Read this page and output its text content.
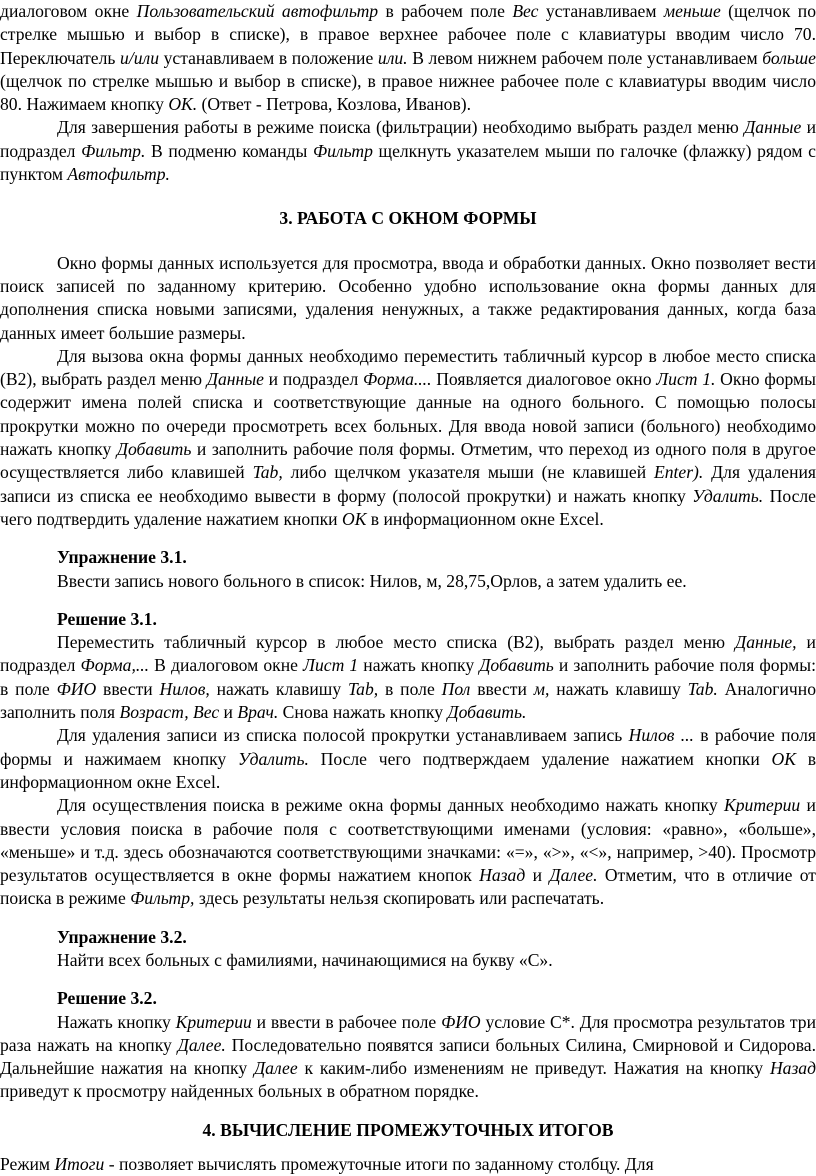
диалоговом окне Пользовательский автофильтр в рабочем поле Вес устанавливаем меньше (щелчок по стрелке мышью и выбор в списке), в правое верхнее рабочее поле с клавиатуры вводим число 70. Переключатель и/или устанавливаем в положение или. В левом нижнем рабочем поле устанавливаем больше (щелчок по стрелке мышью и выбор в списке), в правое нижнее рабочее поле с клавиатуры вводим число 80. Нажимаем кнопку ОК. (Ответ - Петрова, Козлова, Иванов).

Для завершения работы в режиме поиска (фильтрации) необходимо выбрать раздел меню Данные и подраздел Фильтр. В подменю команды Фильтр щелкнуть указателем мыши по галочке (флажку) рядом с пунктом Автофильтр.

3. РАБОТА С ОКНОМ ФОРМЫ

Окно формы данных используется для просмотра, ввода и обработки данных. Окно позволяет вести поиск записей по заданному критерию. Особенно удобно использование окна формы данных для дополнения списка новыми записями, удаления ненужных, а также редактирования данных, когда база данных имеет большие размеры.

Для вызова окна формы данных необходимо переместить табличный курсор в любое место списка (В2), выбрать раздел меню Данные и подраздел Форма.... Появляется диалоговое окно Лист 1. Окно формы содержит имена полей списка и соответствующие данные на одного больного. С помощью полосы прокрутки можно по очереди просмотреть всех больных. Для ввода новой записи (больного) необходимо нажать кнопку Добавить и заполнить рабочие поля формы. Отметим, что переход из одного поля в другое осуществляется либо клавишей Tab, либо щелчком указателя мыши (не клавишей Enter). Для удаления записи из списка ее необходимо вывести в форму (полосой прокрутки) и нажать кнопку Удалить. После чего подтвердить удаление нажатием кнопки ОК в информационном окне Excel.

Упражнение 3.1.

Ввести запись нового больного в список: Нилов, м, 28,75,Орлов, а затем удалить ее.

Решение 3.1.

Переместить табличный курсор в любое место списка (В2), выбрать раздел меню Данные, и подраздел Форма,... В диалоговом окне Лист 1 нажать кнопку Добавить и заполнить рабочие поля формы: в поле ФИО ввести Нилов, нажать клавишу Tab, в поле Пол ввести м, нажать клавишу Tab. Аналогично заполнить поля Возраст, Вес и Врач. Снова нажать кнопку Добавить.

Для удаления записи из списка полосой прокрутки устанавливаем запись Нилов ... в рабочие поля формы и нажимаем кнопку Удалить. После чего подтверждаем удаление нажатием кнопки ОК в информационном окне Excel.

Для осуществления поиска в режиме окна формы данных необходимо нажать кнопку Критерии и ввести условия поиска в рабочие поля с соответствующими именами (условия: «равно», «больше», «меньше» и т.д. здесь обозначаются соответствующими значками: «=», «>», «<», например, >40). Просмотр результатов осуществляется в окне формы нажатием кнопок Назад и Далее. Отметим, что в отличие от поиска в режиме Фильтр, здесь результаты нельзя скопировать или распечатать.

Упражнение 3.2.

Найти всех больных с фамилиями, начинающимися на букву «С».

Решение 3.2.

Нажать кнопку Критерии и ввести в рабочее поле ФИО условие С*. Для просмотра результатов три раза нажать на кнопку Далее. Последовательно появятся записи больных Силина, Смирновой и Сидорова. Дальнейшие нажатия на кнопку Далее к каким-либо изменениям не приведут. Нажатия на кнопку Назад приведут к просмотру найденных больных в обратном порядке.

4. ВЫЧИСЛЕНИЕ ПРОМЕЖУТОЧНЫХ ИТОГОВ

Режим Итоги - позволяет вычислять промежуточные итоги по заданному столбцу. Для
